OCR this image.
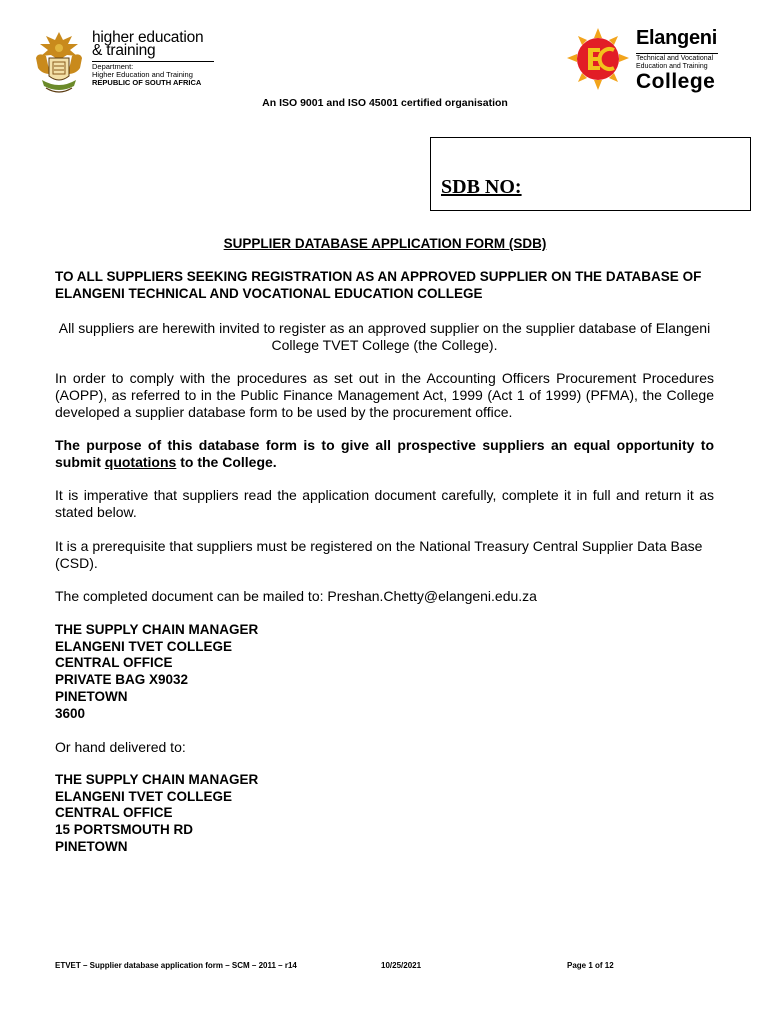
higher education
& training
Department:
Higher Education and Training
REPUBLIC OF SOUTH AFRICA
Elangeni
Technical and Vocational
Education and Training
College
An ISO 9001 and ISO 45001 certified organisation
SDB NO:
SUPPLIER DATABASE APPLICATION FORM (SDB)
TO ALL SUPPLIERS SEEKING REGISTRATION AS AN APPROVED SUPPLIER ON THE DATABASE OF ELANGENI TECHNICAL AND VOCATIONAL EDUCATION COLLEGE
All suppliers are herewith invited to register as an approved supplier on the supplier database of Elangeni College TVET College (the College).
In order to comply with the procedures as set out in the Accounting Officers Procurement Procedures (AOPP), as referred to in the Public Finance Management Act, 1999 (Act 1 of 1999) (PFMA), the College developed a supplier database form to be used by the procurement office.
The purpose of this database form is to give all prospective suppliers an equal opportunity to submit quotations to the College.
It is imperative that suppliers read the application document carefully, complete it in full and return it as stated below.
It is a prerequisite that suppliers must be registered on the National Treasury Central Supplier Data Base (CSD).
The completed document can be mailed to: Preshan.Chetty@elangeni.edu.za
THE SUPPLY CHAIN MANAGER
ELANGENI TVET COLLEGE
CENTRAL OFFICE
PRIVATE BAG X9032
PINETOWN
3600
Or hand delivered to:
THE SUPPLY CHAIN MANAGER
ELANGENI TVET COLLEGE
CENTRAL OFFICE
15 PORTSMOUTH RD
PINETOWN
ETVET – Supplier database application form – SCM – 2011 – r14	10/25/2021	Page 1 of 12
